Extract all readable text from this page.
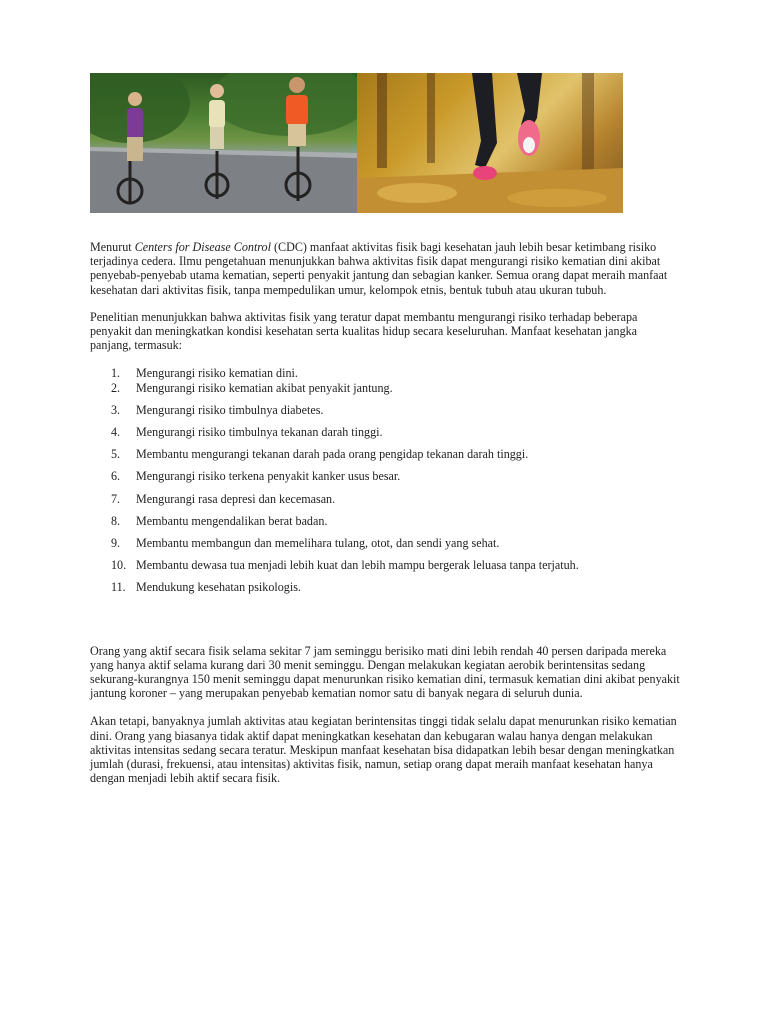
Menurut Centers for Disease Control (CDC) manfaat aktivitas fisik bagi kesehatan jauh lebih besar ketimbang risiko terjadinya cedera. Ilmu pengetahuan menunjukkan bahwa aktivitas fisik dapat mengurangi risiko kematian dini akibat penyebab-penyebab utama kematian, seperti penyakit jantung dan sebagian kanker. Semua orang dapat meraih manfaat kesehatan dari aktivitas fisik, tanpa mempedulikan umur, kelompok etnis, bentuk tubuh atau ukuran tubuh.

Penelitian menunjukkan bahwa aktivitas fisik yang teratur dapat membantu mengurangi risiko terhadap beberapa penyakit dan meningkatkan kondisi kesehatan serta kualitas hidup secara keseluruhan. Manfaat kesehatan jangka panjang, termasuk:

1.	Mengurangi risiko kematian dini.
2.	Mengurangi risiko kematian akibat penyakit jantung.
3.	Mengurangi risiko timbulnya diabetes.
4.	Mengurangi risiko timbulnya tekanan darah tinggi.
5.	Membantu mengurangi tekanan darah pada orang pengidap tekanan darah tinggi.
6.	Mengurangi risiko terkena penyakit kanker usus besar.
7.	Mengurangi rasa depresi dan kecemasan.
8.	Membantu mengendalikan berat badan.
9.	Membantu membangun dan memelihara tulang, otot, dan sendi yang sehat.
10. Membantu dewasa tua menjadi lebih kuat dan lebih mampu bergerak leluasa tanpa terjatuh.
11. Mendukung kesehatan psikologis.

Orang yang aktif secara fisik selama sekitar 7 jam seminggu berisiko mati dini lebih rendah 40 persen daripada mereka yang hanya aktif selama kurang dari 30 menit seminggu. Dengan melakukan kegiatan aerobik berintensitas sedang sekurang-kurangnya 150 menit seminggu dapat menurunkan risiko kematian dini, termasuk kematian dini akibat penyakit jantung koroner – yang merupakan penyebab kematian nomor satu di banyak negara di seluruh dunia.

Akan tetapi, banyaknya jumlah aktivitas atau kegiatan berintensitas tinggi tidak selalu dapat menurunkan risiko kematian dini. Orang yang biasanya tidak aktif dapat meningkatkan kesehatan dan kebugaran walau hanya dengan melakukan aktivitas intensitas sedang secara teratur. Meskipun manfaat kesehatan bisa didapatkan lebih besar dengan meningkatkan jumlah (durasi, frekuensi, atau intensitas) aktivitas fisik, namun, setiap orang dapat meraih manfaat kesehatan hanya dengan menjadi lebih aktif secara fisik.
